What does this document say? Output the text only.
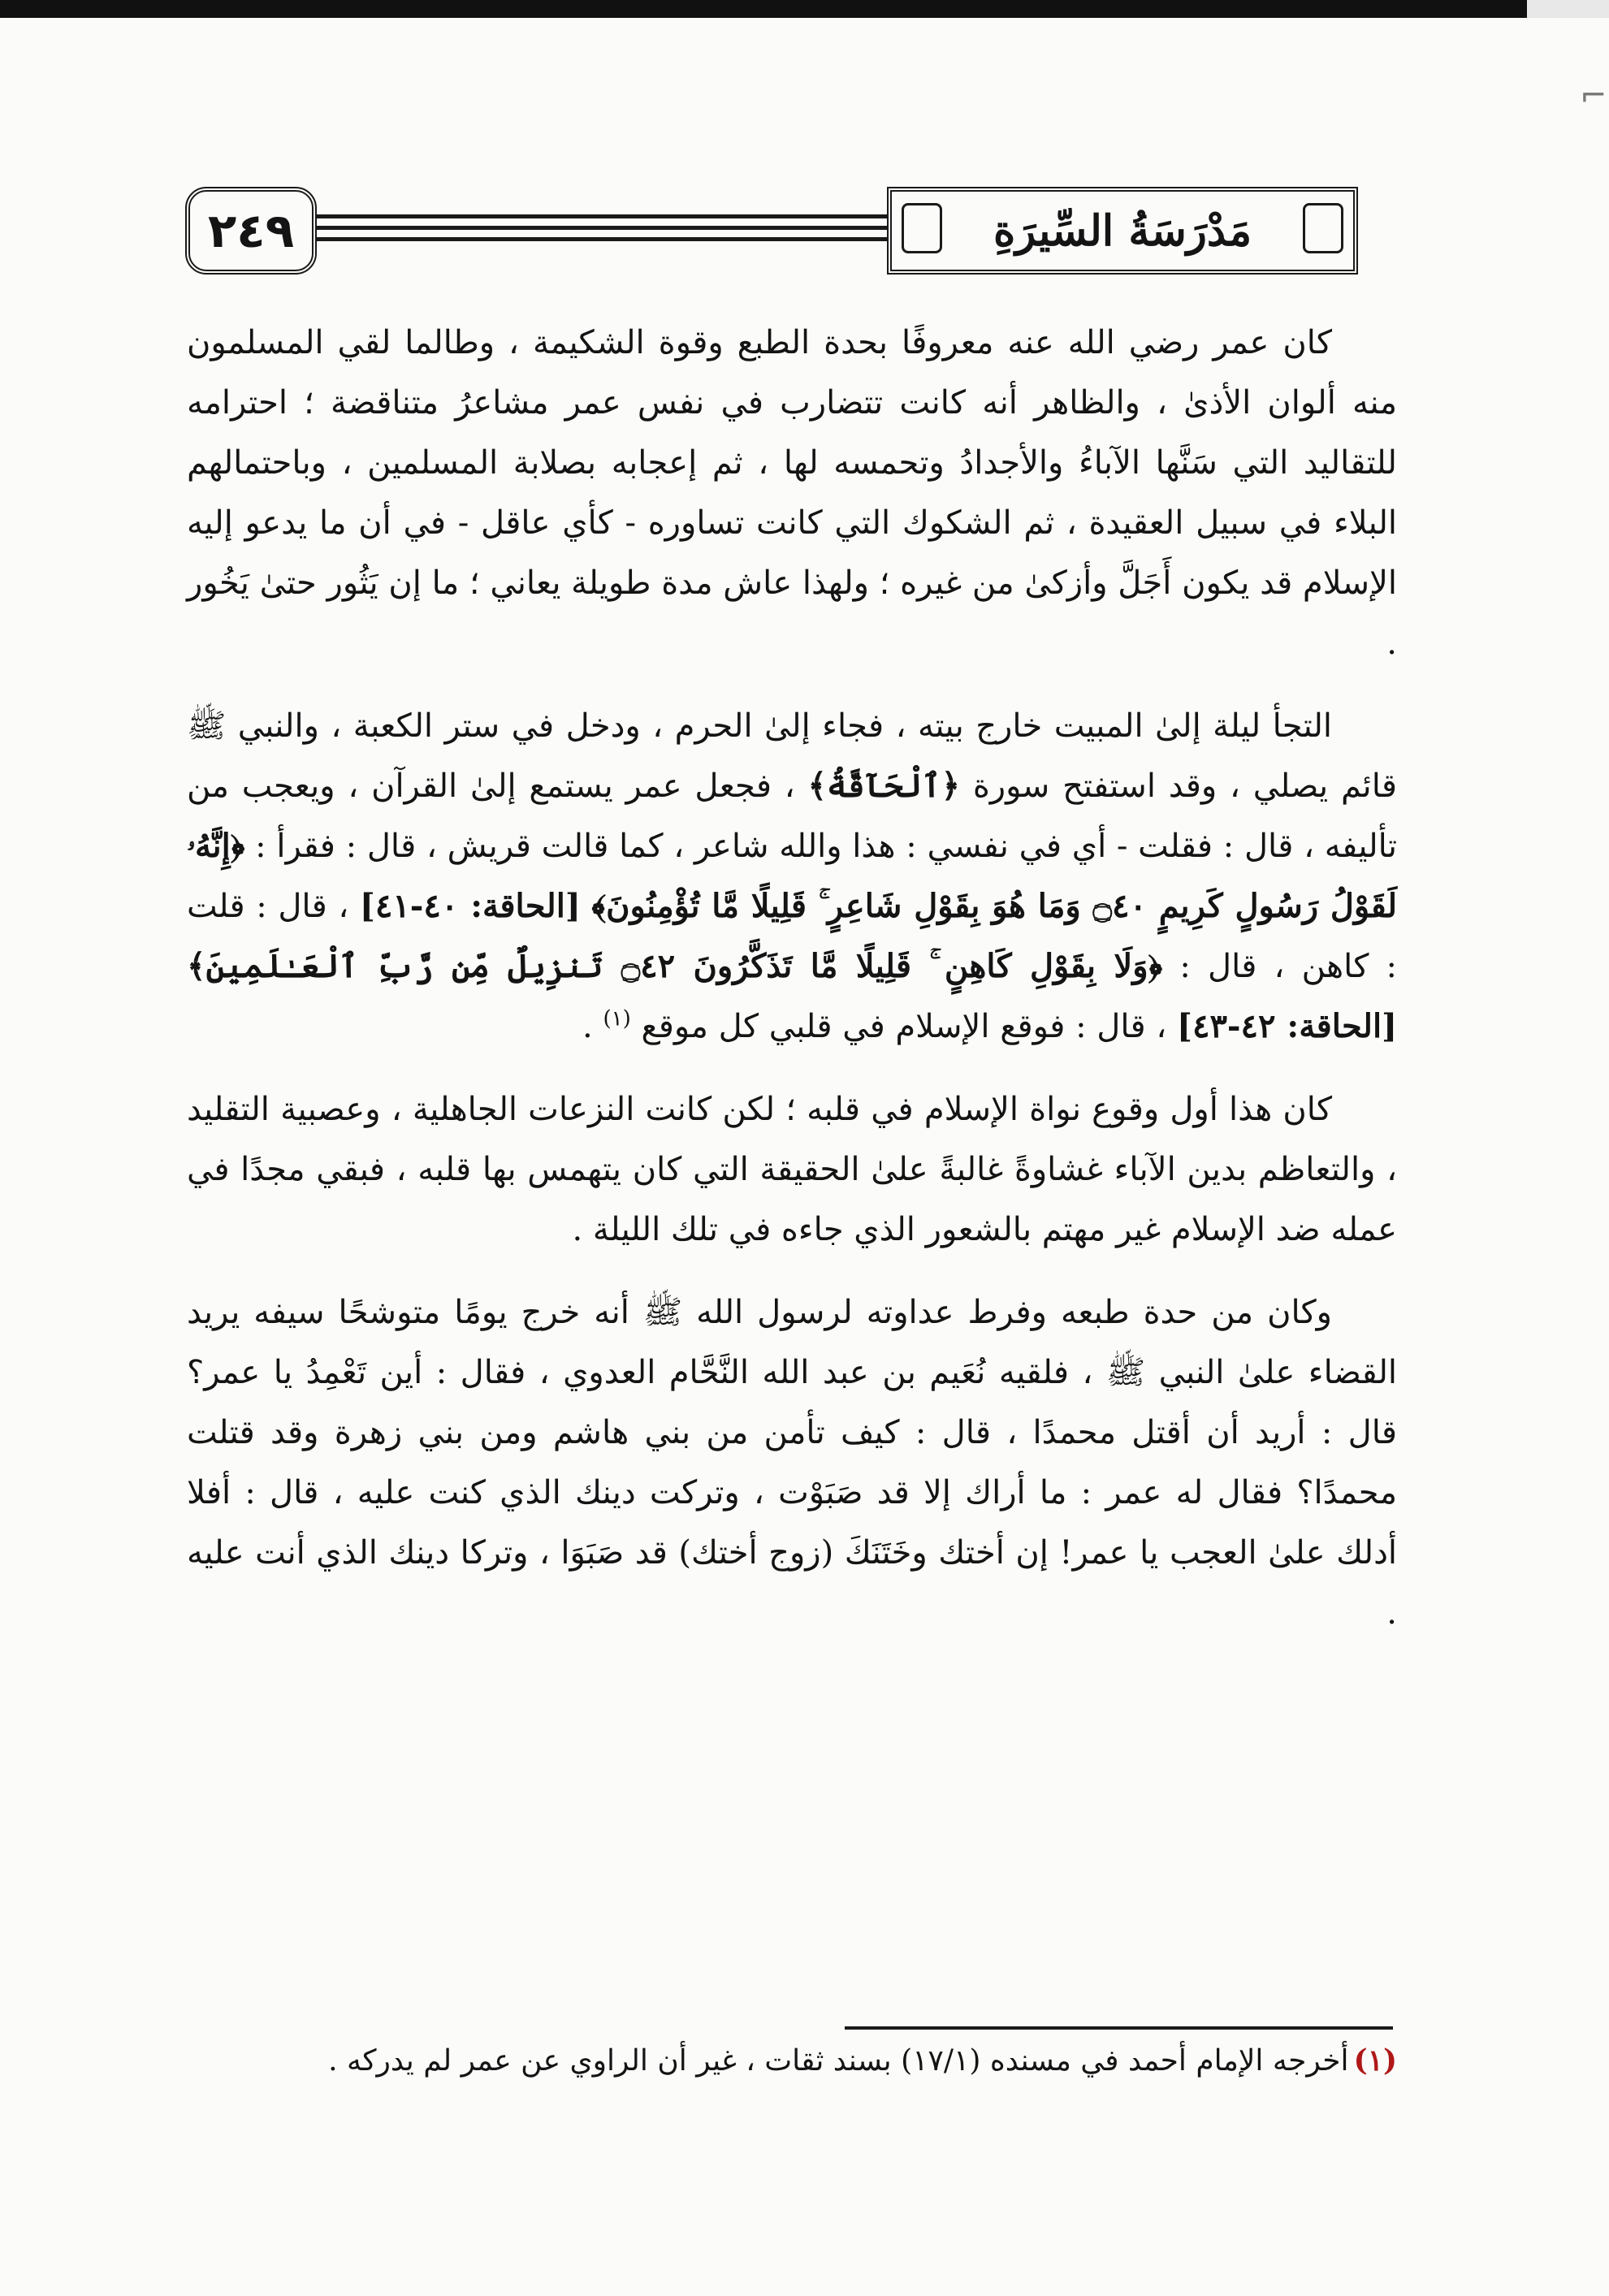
⌐
٢٤٩	مَدْرَسَةُ السِّيرَةِ

كان عمر رضي الله عنه معروفًا بحدة الطبع وقوة الشكيمة ، وطالما لقي المسلمون منه ألوان الأذىٰ ، والظاهر أنه كانت تتضارب في نفس عمر مشاعرُ متناقضة ؛ احترامه للتقاليد التي سَنَّها الآباءُ والأجدادُ وتحمسه لها ، ثم إعجابه بصلابة المسلمين ، وباحتمالهم البلاء في سبيل العقيدة ، ثم الشكوك التي كانت تساوره - كأي عاقل - في أن ما يدعو إليه الإسلام قد يكون أَجَلَّ وأزكىٰ من غيره ؛ ولهذا عاش مدة طويلة يعاني ؛ ما إن يَثُور حتىٰ يَخُور .

التجأ ليلة إلىٰ المبيت خارج بيته ، فجاء إلىٰ الحرم ، ودخل في ستر الكعبة ، والنبي ﷺ قائم يصلي ، وقد استفتح سورة ﴿ٱلْحَآقَّةُ﴾ ، فجعل عمر يستمع إلىٰ القرآن ، ويعجب من تأليفه ، قال : فقلت - أي في نفسي : هذا والله شاعر ، كما قالت قريش ، قال : فقرأ : ﴿إِنَّهُۥ لَقَوْلُ رَسُولٍ كَرِيمٍ ۝٤٠ وَمَا هُوَ بِقَوْلِ شَاعِرٍ ۚ قَلِيلًا مَّا تُؤْمِنُونَ﴾ [الحاقة: ٤٠-٤١] ، قال : قلت : كاهن ، قال : ﴿وَلَا بِقَوْلِ كَاهِنٍ ۚ قَلِيلًا مَّا تَذَكَّرُونَ ۝٤٢ تَنزِيلٌ مِّن رَّبِّ ٱلْعَـٰلَمِينَ﴾ [الحاقة: ٤٢-٤٣] ، قال : فوقع الإسلام في قلبي كل موقع $^{(١)}$ .

كان هذا أول وقوع نواة الإسلام في قلبه ؛ لكن كانت النزعات الجاهلية ، وعصبية التقليد ، والتعاظم بدين الآباء غشاوةً غالبةً علىٰ الحقيقة التي كان يتهمس بها قلبه ، فبقي مجدًا في عمله ضد الإسلام غير مهتم بالشعور الذي جاءه في تلك الليلة .

وكان من حدة طبعه وفرط عداوته لرسول الله ﷺ أنه خرج يومًا متوشحًا سيفه يريد القضاء علىٰ النبي ﷺ ، فلقيه نُعَيم بن عبد الله النَّحَّام العدوي ، فقال : أين تَعْمِدُ يا عمر؟ قال : أريد أن أقتل محمدًا ، قال : كيف تأمن من بني هاشم ومن بني زهرة وقد قتلت محمدًا؟ فقال له عمر : ما أراك إلا قد صَبَوْت ، وتركت دينك الذي كنت عليه ، قال : أفلا أدلك علىٰ العجب يا عمر! إن أختك وخَتَنَكَ (زوج أختك) قد صَبَوَا ، وتركا دينك الذي أنت عليه .

(١)أخرجه الإمام أحمد في مسنده (١٧/١) بسند ثقات ، غير أن الراوي عن عمر لم يدركه .
